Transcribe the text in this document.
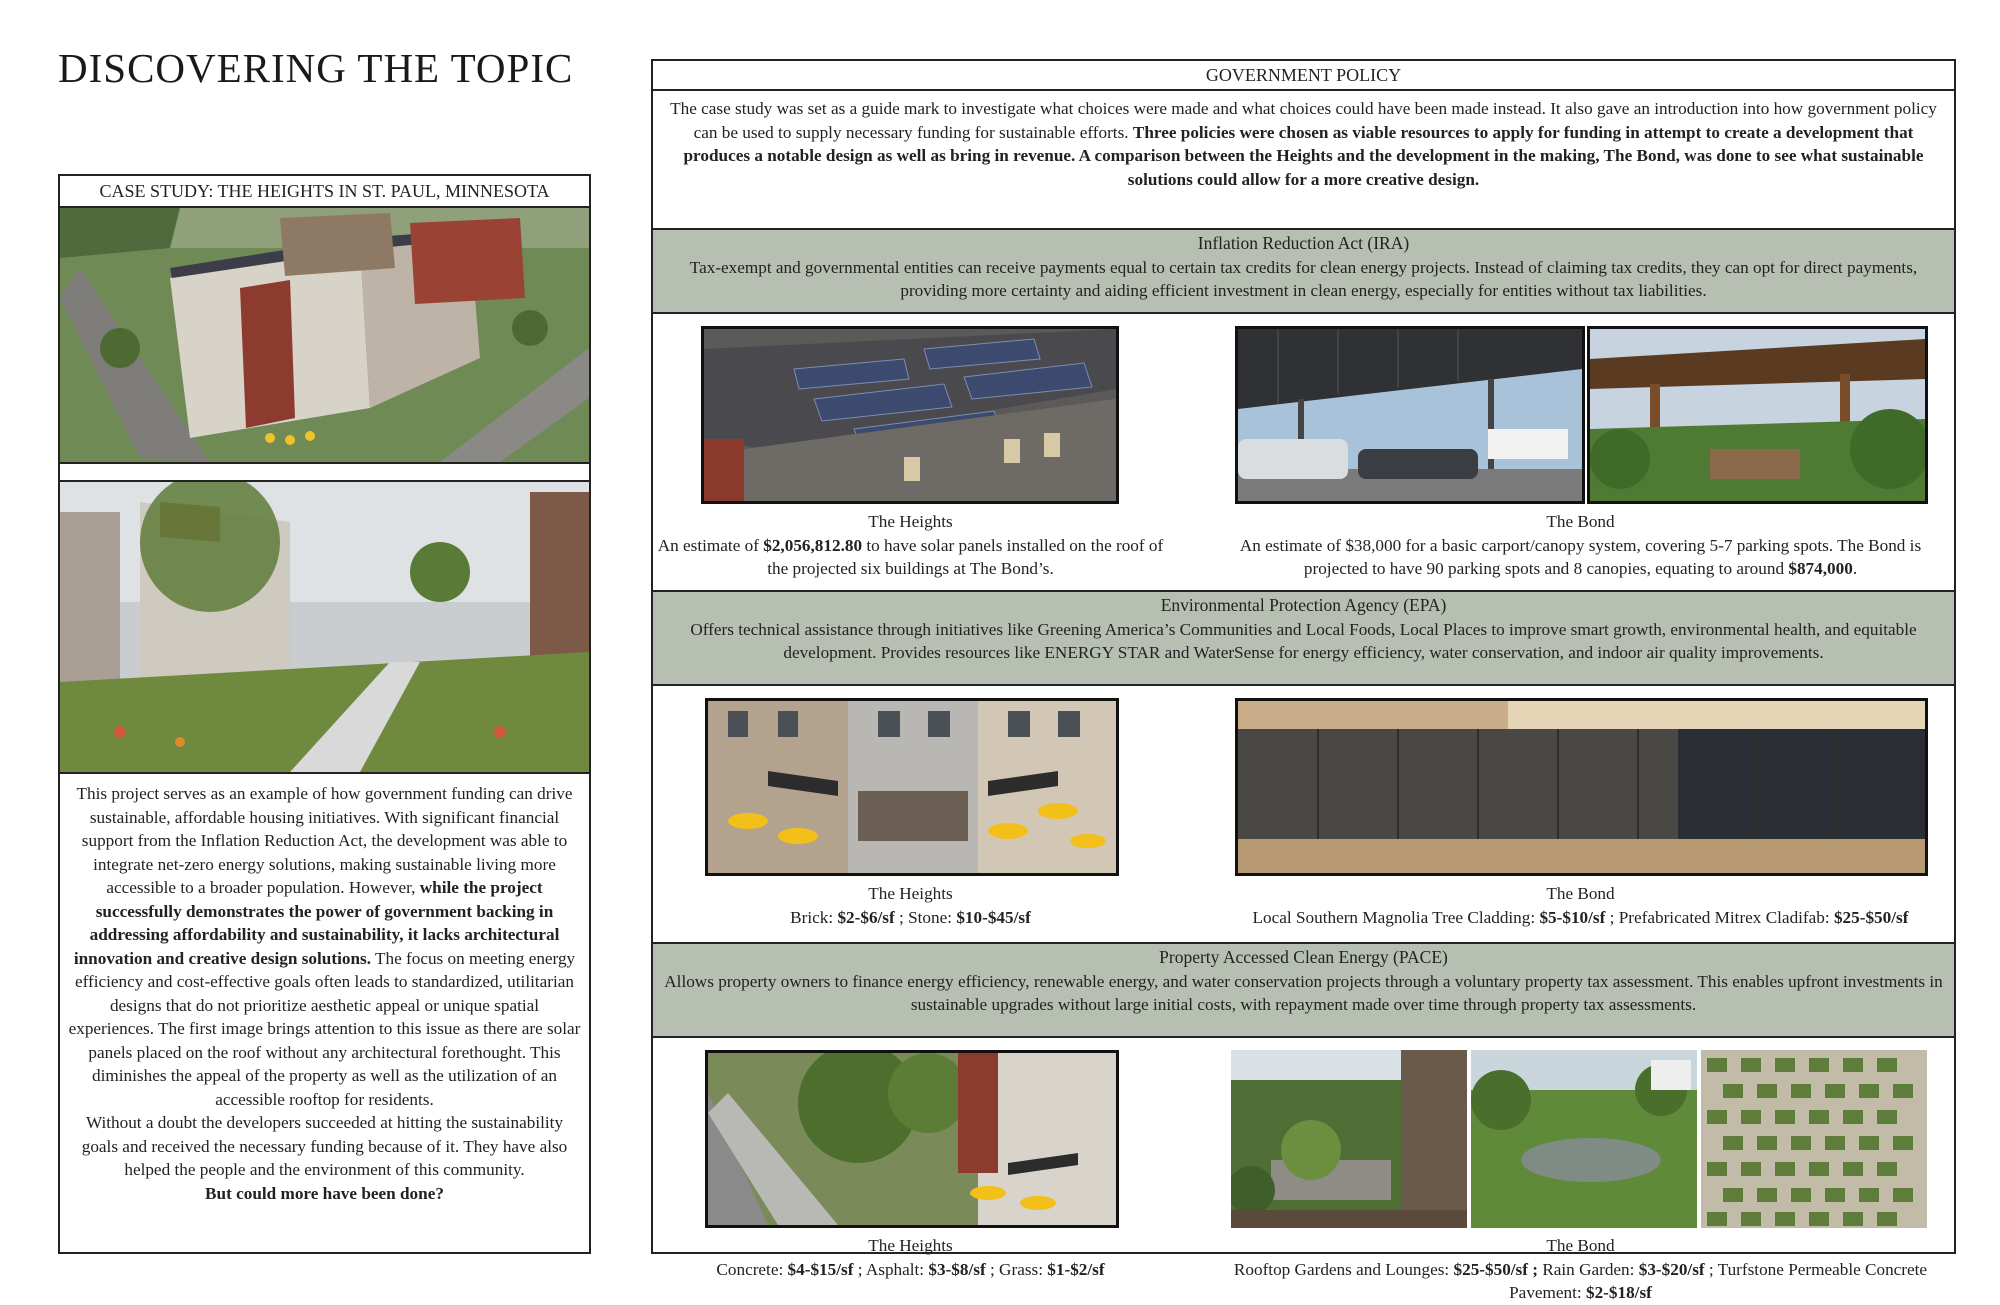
DISCOVERING THE TOPIC
CASE STUDY: THE HEIGHTS IN ST. PAUL, MINNESOTA
This project serves as an example of how government funding can drive sustainable, affordable housing initiatives. With significant financial support from the Inflation Reduction Act, the development was able to integrate net-zero energy solutions, making sustainable living more accessible to a broader population. However, while the project successfully demonstrates the power of government backing in addressing affordability and sustainability, it lacks architectural innovation and creative design solutions. The focus on meeting energy efficiency and cost-effective goals often leads to standardized, utilitarian designs that do not prioritize aesthetic appeal or unique spatial experiences. The first image brings attention to this issue as there are solar panels placed on the roof without any architectural forethought. This diminishes the appeal of the property as well as the utilization of an accessible rooftop for residents.
Without a doubt the developers succeeded at hitting the sustainability goals and received the necessary funding because of it. They have also helped the people and the environment of this community.
But could more have been done?
GOVERNMENT POLICY
The case study was set as a guide mark to investigate what choices were made and what choices could have been made instead. It also gave an introduction into how government policy can be used to supply necessary funding for sustainable efforts. Three policies were chosen as viable resources to apply for funding in attempt to create a development that produces a notable design as well as bring in revenue. A comparison between the Heights and the development in the making, The Bond, was done to see what sustainable solutions could allow for a more creative design.
Inflation Reduction Act (IRA)
Tax-exempt and governmental entities can receive payments equal to certain tax credits for clean energy projects. Instead of claiming tax credits, they can opt for direct payments, providing more certainty and aiding efficient investment in clean energy, especially for entities without tax liabilities.
The Heights
An estimate of $2,056,812.80 to have solar panels installed on the roof of the projected six buildings at The Bond’s.
The Bond
An estimate of $38,000 for a basic carport/canopy system, covering 5-7 parking spots. The Bond is projected to have 90 parking spots and 8 canopies, equating to around $874,000.
Environmental Protection Agency (EPA)
Offers technical assistance through initiatives like Greening America’s Communities and Local Foods, Local Places to improve smart growth, environmental health, and equitable development. Provides resources like ENERGY STAR and WaterSense for energy efficiency, water conservation, and indoor air quality improvements.
The Heights
Brick: $2-$6/sf ; Stone: $10-$45/sf
The Bond
Local Southern Magnolia Tree Cladding: $5-$10/sf ; Prefabricated Mitrex Cladifab: $25-$50/sf
Property Accessed Clean Energy (PACE)
Allows property owners to finance energy efficiency, renewable energy, and water conservation projects through a voluntary property tax assessment. This enables upfront investments in sustainable upgrades without large initial costs, with repayment made over time through property tax assessments.
The Heights
Concrete: $4-$15/sf ; Asphalt: $3-$8/sf ; Grass: $1-$2/sf
The Bond
Rooftop Gardens and Lounges: $25-$50/sf ; Rain Garden: $3-$20/sf ; Turfstone Permeable Concrete Pavement: $2-$18/sf
